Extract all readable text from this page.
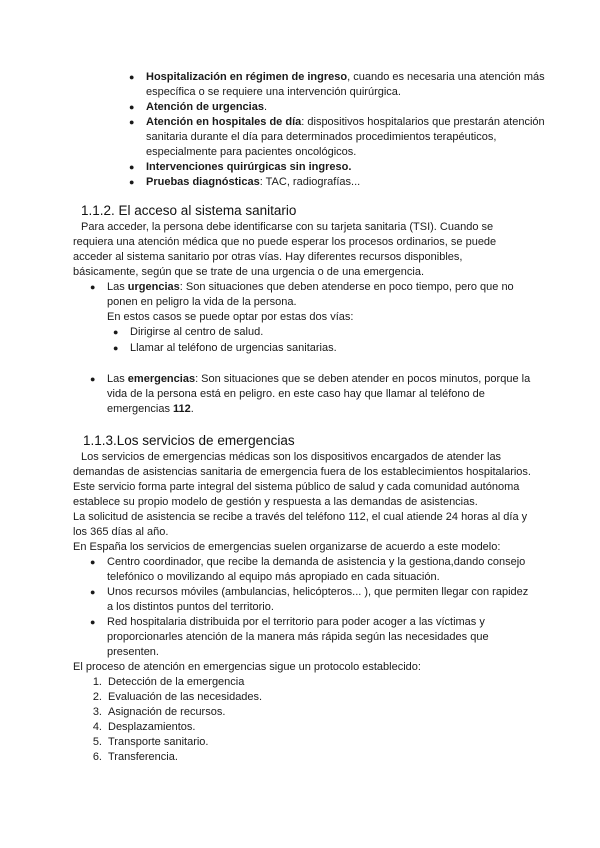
● Hospitalización en régimen de ingreso, cuando es necesaria una atención más específica o se requiere una intervención quirúrgica.
● Atención de urgencias.
● Atención en hospitales de día: dispositivos hospitalarios que prestarán atención sanitaria durante el día para determinados procedimientos terapéuticos, especialmente para pacientes oncológicos.
● Intervenciones quirúrgicas sin ingreso.
● Pruebas diagnósticas: TAC, radiografías...
1.1.2. El acceso al sistema sanitario

Para acceder, la persona debe identificarse con su tarjeta sanitaria (TSI). Cuando se requiera una atención médica que no puede esperar los procesos ordinarios, se puede acceder al sistema sanitario por otras vías. Hay diferentes recursos disponibles, básicamente, según que se trate de una urgencia o de una emergencia.

● Las urgencias: Son situaciones que deben atenderse en poco tiempo, pero que no ponen en peligro la vida de la persona.

En estos casos se puede optar por estas dos vías:

● Dirigirse al centro de salud.
● Llamar al teléfono de urgencias sanitarias.
● Las emergencias: Son situaciones que se deben atender en pocos minutos, porque la vida de la persona está en peligro. en este caso hay que llamar al teléfono de emergencias 112.
1.1.3.Los servicios de emergencias

Los servicios de emergencias médicas son los dispositivos encargados de atender las demandas de asistencias sanitaria de emergencia fuera de los establecimientos hospitalarios.

Este servicio forma parte integral del sistema público de salud y cada comunidad autónoma establece su propio modelo de gestión y respuesta a las demandas de asistencias.

La solicitud de asistencia se recibe a través del teléfono 112, el cual atiende 24 horas al día y los 365 días al año.

En España los servicios de emergencias suelen organizarse de acuerdo a este modelo:

● Centro coordinador, que recibe la demanda de asistencia y la gestiona,dando consejo telefónico o movilizando al equipo más apropiado en cada situación.
● Unos recursos móviles (ambulancias, helicópteros... ), que permiten llegar con rapidez a los distintos puntos del territorio.
● Red hospitalaria distribuida por el territorio para poder acoger a las víctimas y proporcionarles atención de la manera más rápida según las necesidades que presenten.

El proceso de atención en emergencias sigue un protocolo establecido:

1. Detección de la emergencia
2. Evaluación de las necesidades.
3. Asignación de recursos.
4. Desplazamientos.
5. Transporte sanitario.
6. Transferencia.
